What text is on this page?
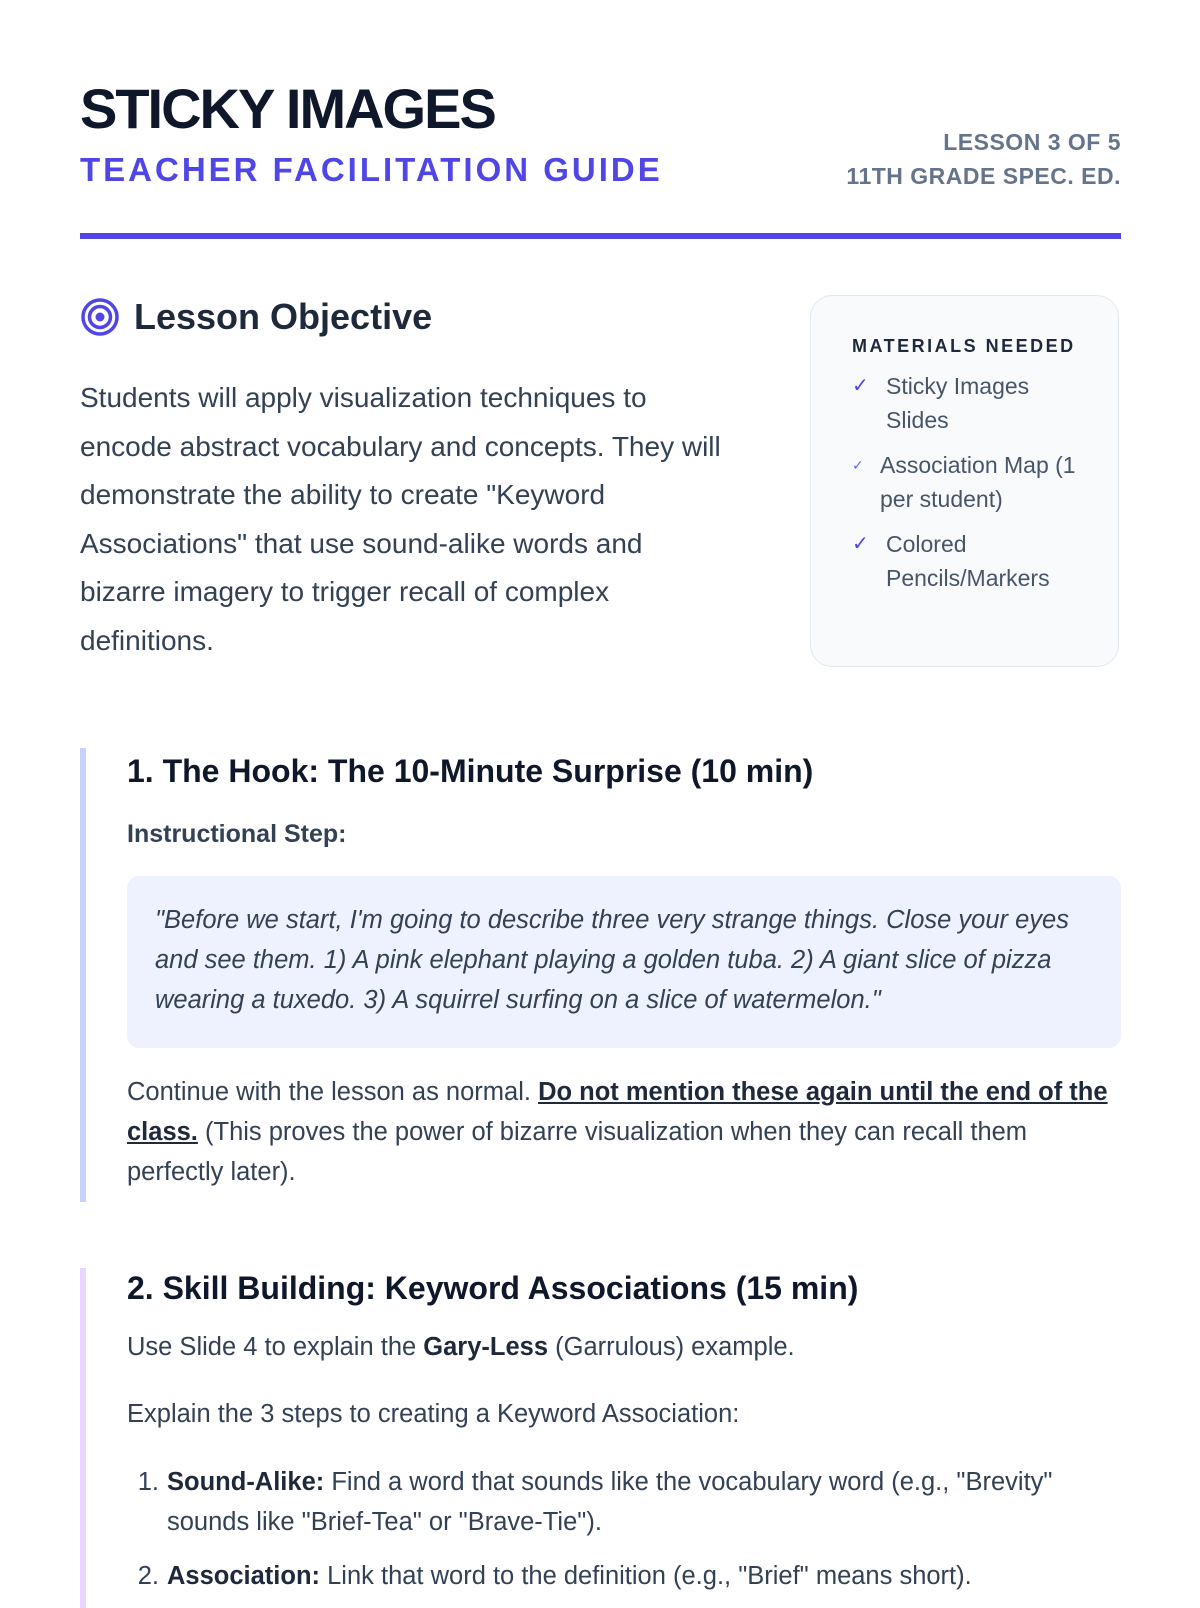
STICKY IMAGES
TEACHER FACILITATION GUIDE
LESSON 3 OF 5
11TH GRADE SPEC. ED.
Lesson Objective

Students will apply visualization techniques to encode abstract vocabulary and concepts. They will demonstrate the ability to create "Keyword Associations" that use sound-alike words and bizarre imagery to trigger recall of complex definitions.

MATERIALS NEEDED
✓ Sticky Images Slides
✓ Association Map (1 per student)
✓ Colored Pencils/Markers
1. The Hook: The 10-Minute Surprise (10 min)

Instructional Step:

"Before we start, I'm going to describe three very strange things. Close your eyes and see them. 1) A pink elephant playing a golden tuba. 2) A giant slice of pizza wearing a tuxedo. 3) A squirrel surfing on a slice of watermelon."

Continue with the lesson as normal. Do not mention these again until the end of the class. (This proves the power of bizarre visualization when they can recall them perfectly later).

2. Skill Building: Keyword Associations (15 min)

Use Slide 4 to explain the Gary-Less (Garrulous) example.

Explain the 3 steps to creating a Keyword Association:

1. Sound-Alike: Find a word that sounds like the vocabulary word (e.g., "Brevity" sounds like "Brief-Tea" or "Brave-Tie").
2. Association: Link that word to the definition (e.g., "Brief" means short).
